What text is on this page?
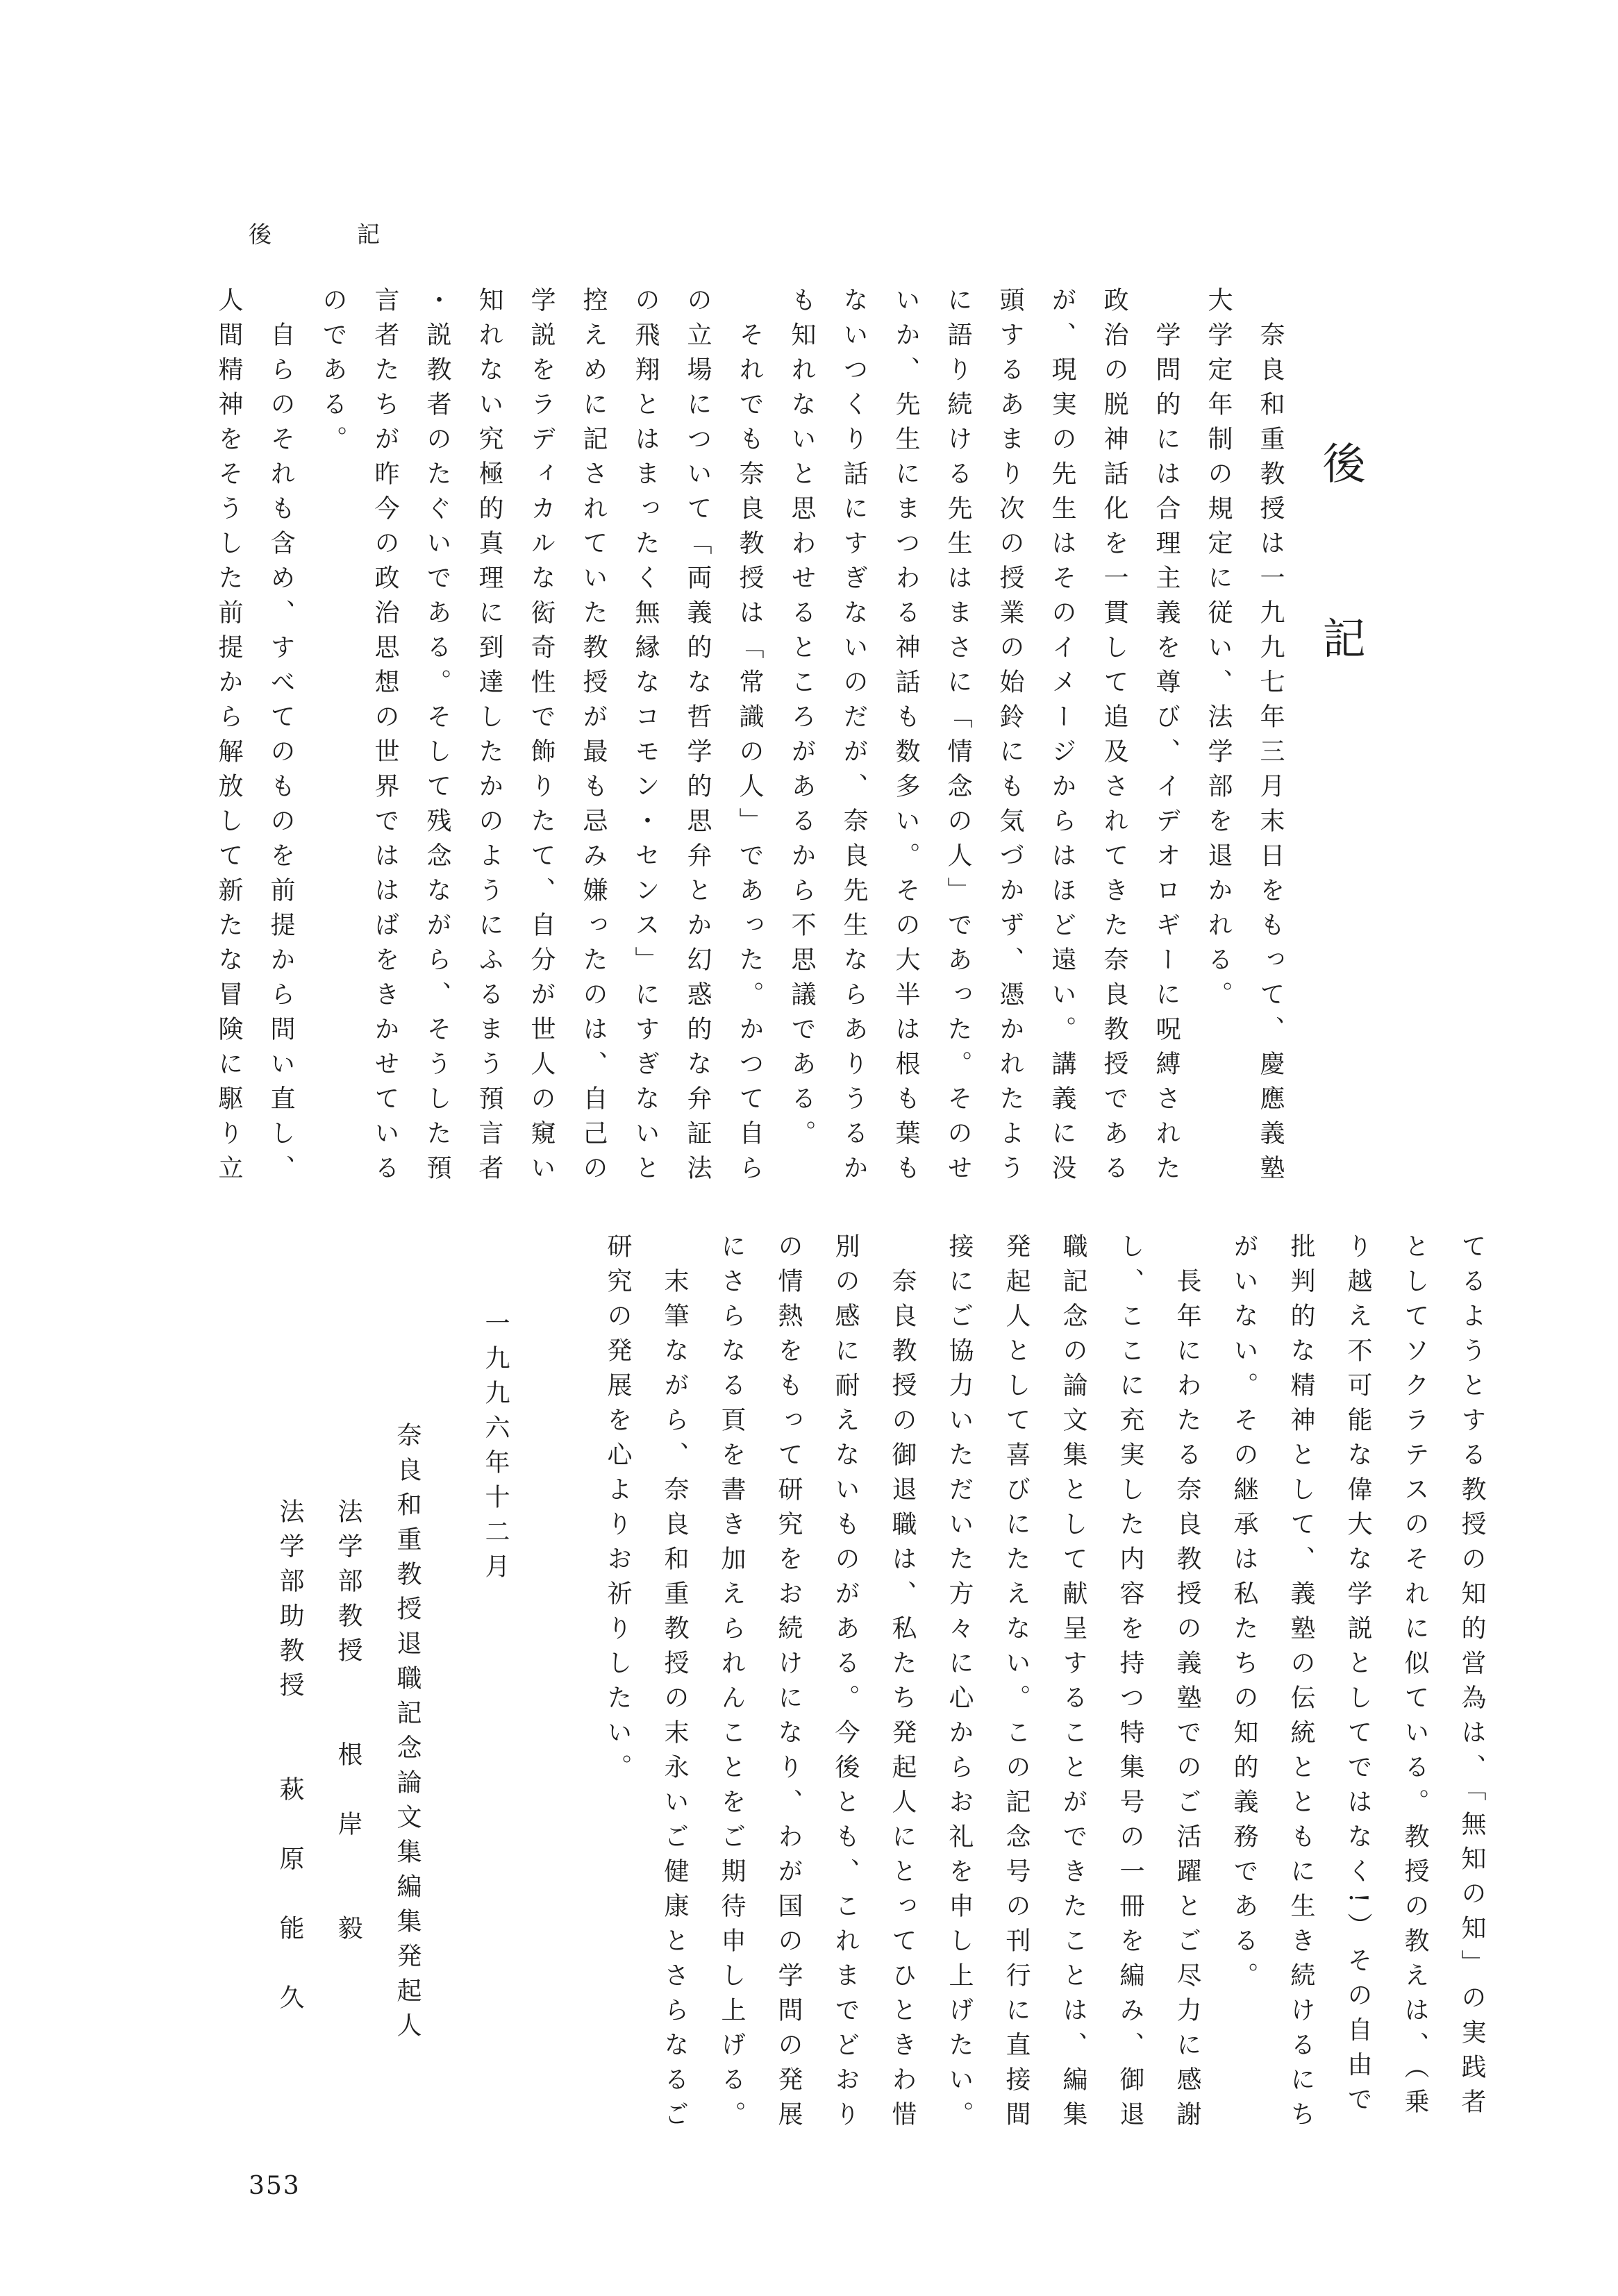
後　記
後　記
　奈良和重教授は一九九七年三月末日をもって、慶應義塾
大学定年制の規定に従い、法学部を退かれる。
　学問的には合理主義を尊び、イデオロギーに呪縛された
政治の脱神話化を一貫して追及されてきた奈良教授である
が、現実の先生はそのイメージからはほど遠い。講義に没
頭するあまり次の授業の始鈴にも気づかず、憑かれたよう
に語り続ける先生はまさに「情念の人」であった。そのせ
いか、先生にまつわる神話も数多い。その大半は根も葉も
ないつくり話にすぎないのだが、奈良先生ならありうるか
も知れないと思わせるところがあるから不思議である。
　それでも奈良教授は「常識の人」であった。かつて自ら
の立場について「両義的な哲学的思弁とか幻惑的な弁証法
の飛翔とはまったく無縁なコモン・センス」にすぎないと
控えめに記されていた教授が最も忌み嫌ったのは、自己の
学説をラディカルな衒奇性で飾りたて、自分が世人の窺い
知れない究極的真理に到達したかのようにふるまう預言者
・説教者のたぐいである。そして残念ながら、そうした預
言者たちが昨今の政治思想の世界でははばをきかせている
のである。
　自らのそれも含め、すべてのものを前提から問い直し、
人間精神をそうした前提から解放して新たな冒険に駆り立
てるようとする教授の知的営為は、「無知の知」の実践者
としてソクラテスのそれに似ている。教授の教えは、（乗
り越え不可能な偉大な学説としてではなく!）その自由で
批判的な精神として、義塾の伝統とともに生き続けるにち
がいない。その継承は私たちの知的義務である。
　長年にわたる奈良教授の義塾でのご活躍とご尽力に感謝
し、ここに充実した内容を持つ特集号の一冊を編み、御退
職記念の論文集として献呈することができたことは、編集
発起人として喜びにたえない。この記念号の刊行に直接間
接にご協力いただいた方々に心からお礼を申し上げたい。
　奈良教授の御退職は、私たち発起人にとってひときわ惜
別の感に耐えないものがある。今後とも、これまでどおり
の情熱をもって研究をお続けになり、わが国の学問の発展
にさらなる頁を書き加えられんことをご期待申し上げる。
　末筆ながら、奈良和重教授の末永いご健康とさらなるご
研究の発展を心よりお祈りしたい。
一九九六年十二月
奈良和重教授退職記念論文集編集発起人
法学部教授　　根　岸　　毅
法学部助教授　　萩　原　能　久
353
